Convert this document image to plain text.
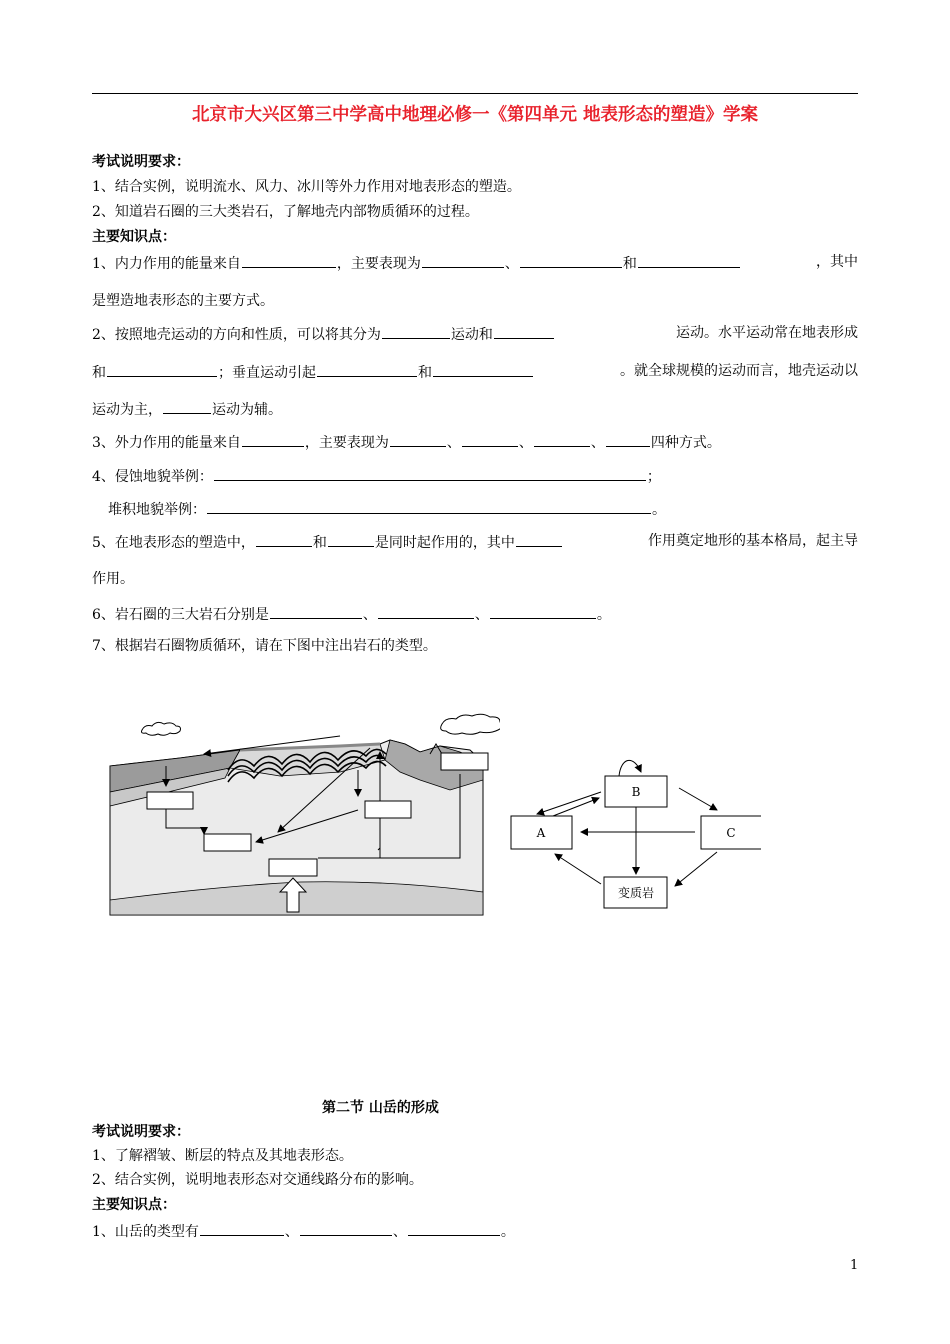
北京市大兴区第三中学高中地理必修一《第四单元 地表形态的塑造》学案
考试说明要求：
1、结合实例，说明流水、风力、冰川等外力作用对地表形态的塑造。
2、知道岩石圈的三大类岩石，了解地壳内部物质循环的过程。
主要知识点：
1、内力作用的能量来自	，主要表现为	、	和	，其中
是塑造地表形态的主要方式。
2、按照地壳运动的方向和性质，可以将其分为	运动和	运动。水平运动常在地表形成
和	；垂直运动引起	和	。就全球规模的运动而言，地壳运动以
运动为主，	运动为辅。
3、外力作用的能量来自	，主要表现为	、	、	、	四种方式。
4、侵蚀地貌举例：	；
堆积地貌举例：	。
5、在地表形态的塑造中，	和	是同时起作用的，其中	作用奠定地形的基本格局，起主导
作用。
6、岩石圈的三大岩石分别是	、	、	。
7、根据岩石圈物质循环，请在下图中注出岩石的类型。
B
A	C
变质岩
第二节 山岳的形成
考试说明要求：
1、了解褶皱、断层的特点及其地表形态。
2、结合实例，说明地表形态对交通线路分布的影响。
主要知识点：
1、山岳的类型有	、	、	。
1
